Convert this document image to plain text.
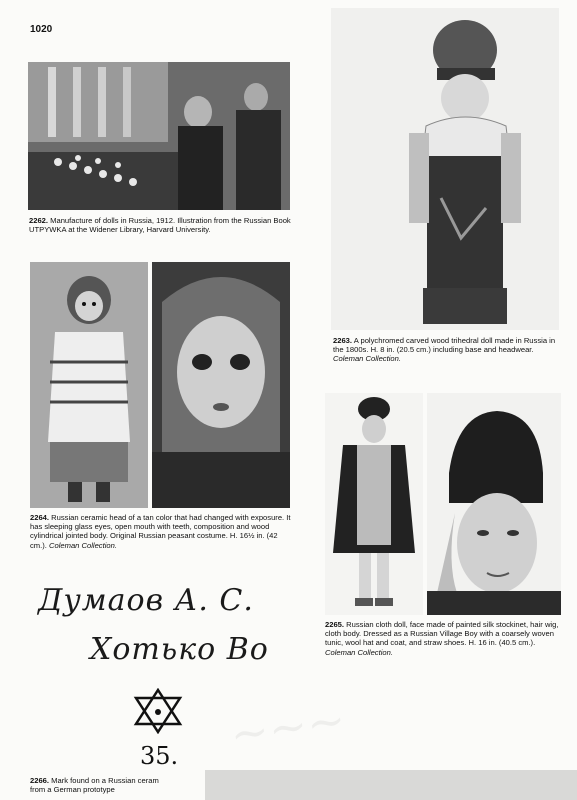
1020
2262. Manufacture of dolls in Russia, 1912. Illustration from the Russian Book UTPYWKA at the Widener Library, Harvard University.
2263. A polychromed carved wood trihedral doll made in Russia in the 1800s. H. 8 in. (20.5 cm.) including base and headwear. Coleman Collection.
2264. Russian ceramic head of a tan color that had changed with exposure. It has sleeping glass eyes, open mouth with teeth, composition and wood cylindrical jointed body. Original Russian peasant costume. H. 16½ in. (42 cm.). Coleman Collection.
2265. Russian cloth doll, face made of painted silk stockinet, hair wig, cloth body. Dressed as a Russian Village Boy with a coarsely woven tunic, wool hat and coat, and straw shoes. H. 16 in. (40.5 cm.). Coleman Collection.
Думаов А. С.
Хотько Во
35.
2266. Mark found on a Russian ceram
from a German prototype
~~~
